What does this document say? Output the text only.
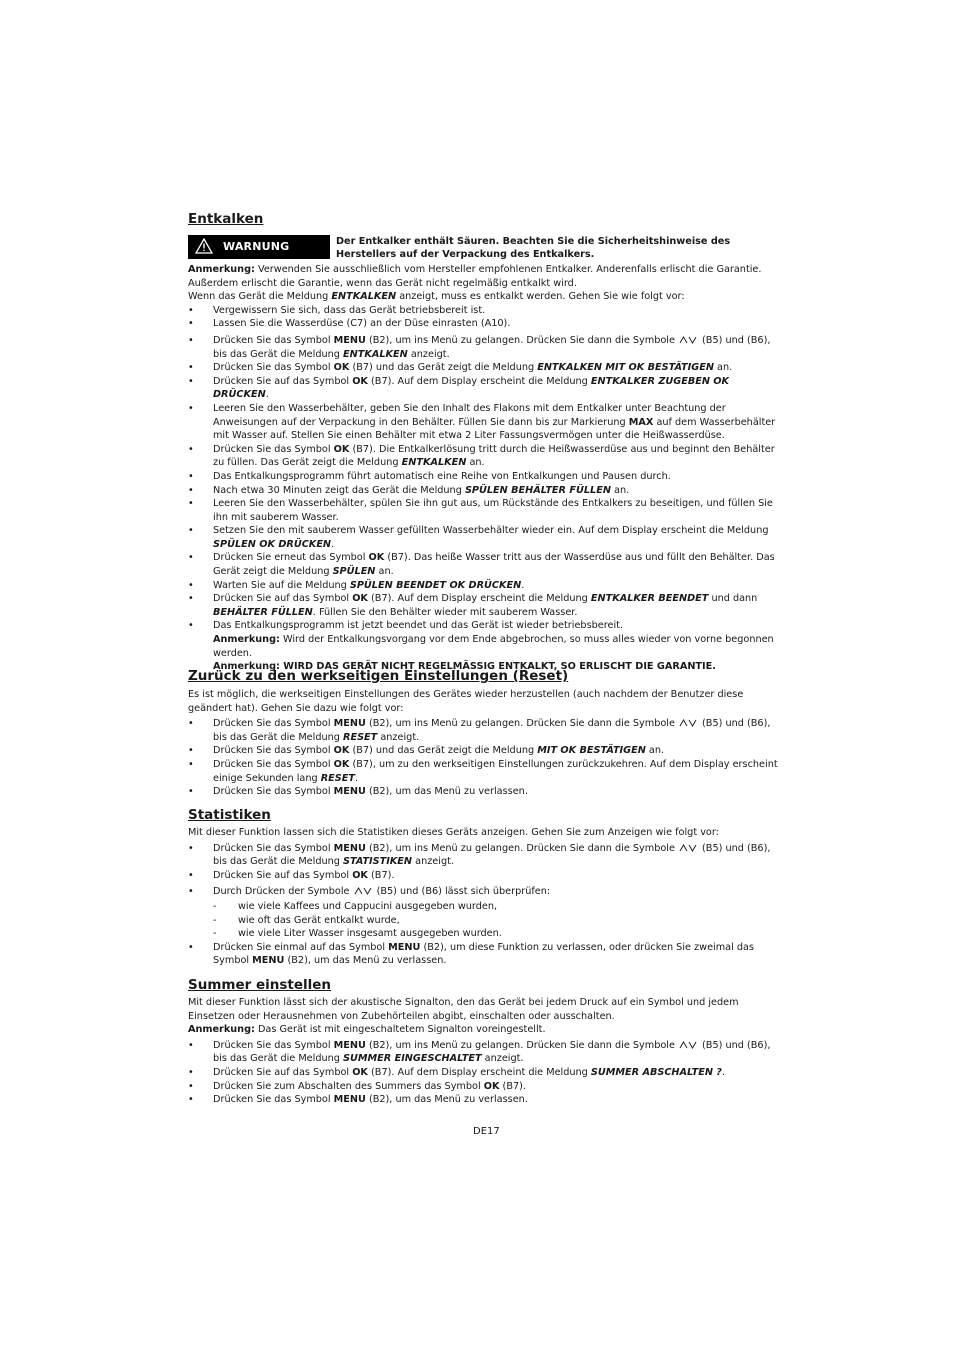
Entkalken
WARNUNG	Der Entkalker enthält Säuren. Beachten Sie die Sicherheitshinweise des Herstellers auf der Verpackung des Entkalkers.

Anmerkung: Verwenden Sie ausschließlich vom Hersteller empfohlenen Entkalker. Anderenfalls erlischt die Garantie.

Außerdem erlischt die Garantie, wenn das Gerät nicht regelmäßig entkalkt wird.

Wenn das Gerät die Meldung ENTKALKEN anzeigt, muss es entkalkt werden. Gehen Sie wie folgt vor:

• Vergewissern Sie sich, dass das Gerät betriebsbereit ist.
• Lassen Sie die Wasserdüse (C7) an der Düse einrasten (A10).
• Drücken Sie das Symbol MENU (B2), um ins Menü zu gelangen. Drücken Sie dann die Symbole (B5) und (B6), bis das Gerät die Meldung ENTKALKEN anzeigt.
• Drücken Sie das Symbol OK (B7) und das Gerät zeigt die Meldung ENTKALKEN MIT OK BESTÄTIGEN an.
• Drücken Sie auf das Symbol OK (B7). Auf dem Display erscheint die Meldung ENTKALKER ZUGEBEN OK DRÜCKEN.
• Leeren Sie den Wasserbehälter, geben Sie den Inhalt des Flakons mit dem Entkalker unter Beachtung der Anweisungen auf der Verpackung in den Behälter. Füllen Sie dann bis zur Markierung MAX auf dem Wasserbehälter mit Wasser auf. Stellen Sie einen Behälter mit etwa 2 Liter Fassungsvermögen unter die Heißwasserdüse.
• Drücken Sie das Symbol OK (B7). Die Entkalkerlösung tritt durch die Heißwasserdüse aus und beginnt den Behälter zu füllen. Das Gerät zeigt die Meldung ENTKALKEN an.
• Das Entkalkungsprogramm führt automatisch eine Reihe von Entkalkungen und Pausen durch.
• Nach etwa 30 Minuten zeigt das Gerät die Meldung SPÜLEN BEHÄLTER FÜLLEN an.
• Leeren Sie den Wasserbehälter, spülen Sie ihn gut aus, um Rückstände des Entkalkers zu beseitigen, und füllen Sie ihn mit sauberem Wasser.
• Setzen Sie den mit sauberem Wasser gefüllten Wasserbehälter wieder ein. Auf dem Display erscheint die Meldung SPÜLEN OK DRÜCKEN.
• Drücken Sie erneut das Symbol OK (B7). Das heiße Wasser tritt aus der Wasserdüse aus und füllt den Behälter. Das Gerät zeigt die Meldung SPÜLEN an.
• Warten Sie auf die Meldung SPÜLEN BEENDET OK DRÜCKEN.
• Drücken Sie auf das Symbol OK (B7). Auf dem Display erscheint die Meldung ENTKALKER BEENDET und dann BEHÄLTER FÜLLEN. Füllen Sie den Behälter wieder mit sauberem Wasser.
• Das Entkalkungsprogramm ist jetzt beendet und das Gerät ist wieder betriebsbereit.
Anmerkung: Wird der Entkalkungsvorgang vor dem Ende abgebrochen, so muss alles wieder von vorne begonnen werden.
Anmerkung: WIRD DAS GERÄT NICHT REGELMÄSSIG ENTKALKT, SO ERLISCHT DIE GARANTIE.
Zurück zu den werkseitigen Einstellungen (Reset)

Es ist möglich, die werkseitigen Einstellungen des Gerätes wieder herzustellen (auch nachdem der Benutzer diese geändert hat). Gehen Sie dazu wie folgt vor:

• Drücken Sie das Symbol MENU (B2), um ins Menü zu gelangen. Drücken Sie dann die Symbole (B5) und (B6), bis das Gerät die Meldung RESET anzeigt.
• Drücken Sie das Symbol OK (B7) und das Gerät zeigt die Meldung MIT OK BESTÄTIGEN an.
• Drücken Sie das Symbol OK (B7), um zu den werkseitigen Einstellungen zurückzukehren. Auf dem Display erscheint einige Sekunden lang RESET.
• Drücken Sie das Symbol MENU (B2), um das Menü zu verlassen.
Statistiken

Mit dieser Funktion lassen sich die Statistiken dieses Geräts anzeigen. Gehen Sie zum Anzeigen wie folgt vor:

• Drücken Sie das Symbol MENU (B2), um ins Menü zu gelangen. Drücken Sie dann die Symbole (B5) und (B6), bis das Gerät die Meldung STATISTIKEN anzeigt.
• Drücken Sie auf das Symbol OK (B7).
• Durch Drücken der Symbole (B5) und (B6) lässt sich überprüfen:
- wie viele Kaffees und Cappucini ausgegeben wurden,
- wie oft das Gerät entkalkt wurde,
- wie viele Liter Wasser insgesamt ausgegeben wurden.
• Drücken Sie einmal auf das Symbol MENU (B2), um diese Funktion zu verlassen, oder drücken Sie zweimal das Symbol MENU (B2), um das Menü zu verlassen.
Summer einstellen

Mit dieser Funktion lässt sich der akustische Signalton, den das Gerät bei jedem Druck auf ein Symbol und jedem Einsetzen oder Herausnehmen von Zubehörteilen abgibt, einschalten oder ausschalten.

Anmerkung: Das Gerät ist mit eingeschaltetem Signalton voreingestellt.

• Drücken Sie das Symbol MENU (B2), um ins Menü zu gelangen. Drücken Sie dann die Symbole (B5) und (B6), bis das Gerät die Meldung SUMMER EINGESCHALTET anzeigt.
• Drücken Sie auf das Symbol OK (B7). Auf dem Display erscheint die Meldung SUMMER ABSCHALTEN ?.
• Drücken Sie zum Abschalten des Summers das Symbol OK (B7).
• Drücken Sie das Symbol MENU (B2), um das Menü zu verlassen.
DE17
